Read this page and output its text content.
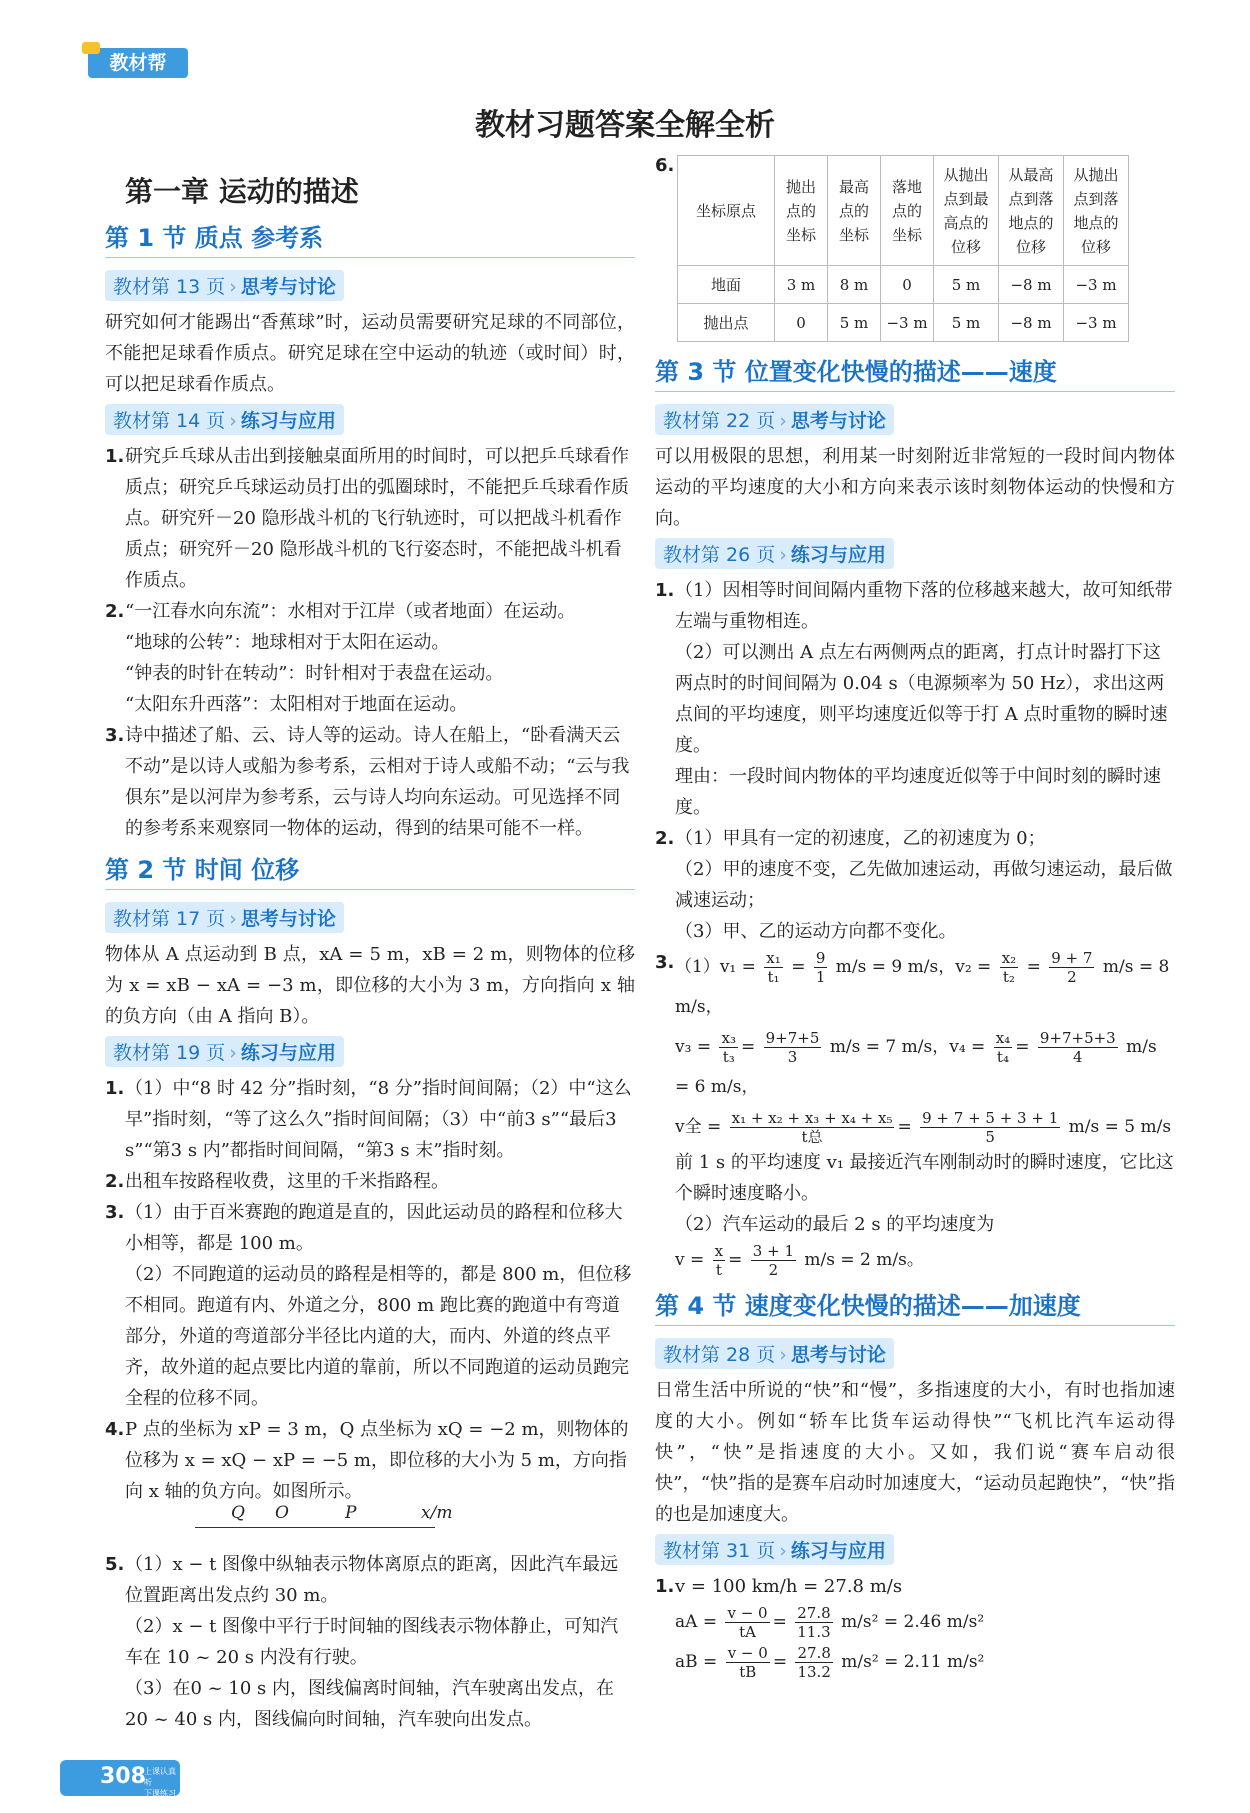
教材帮
教材习题答案全解全析
第一章 运动的描述
第 1 节 质点 参考系
教材第 13 页 › 思考与讨论

研究如何才能踢出“香蕉球”时，运动员需要研究足球的不同部位，不能把足球看作质点。研究足球在空中运动的轨迹（或时间）时，可以把足球看作质点。

教材第 14 页 › 练习与应用
1. 研究乒乓球从击出到接触桌面所用的时间时，可以把乒乓球看作质点；研究乒乓球运动员打出的弧圈球时，不能把乒乓球看作质点。研究歼－20 隐形战斗机的飞行轨迹时，可以把战斗机看作质点；研究歼－20 隐形战斗机的飞行姿态时，不能把战斗机看作质点。
2. “一江春水向东流”：水相对于江岸（或者地面）在运动。
“地球的公转”：地球相对于太阳在运动。
“钟表的时针在转动”：时针相对于表盘在运动。
“太阳东升西落”：太阳相对于地面在运动。
3. 诗中描述了船、云、诗人等的运动。诗人在船上，“卧看满天云不动”是以诗人或船为参考系，云相对于诗人或船不动；“云与我俱东”是以河岸为参考系，云与诗人均向东运动。可见选择不同的参考系来观察同一物体的运动，得到的结果可能不一样。
第 2 节 时间 位移
教材第 17 页 › 思考与讨论

物体从 A 点运动到 B 点，xA = 5 m，xB = 2 m，则物体的位移为 x = xB − xA = −3 m，即位移的大小为 3 m，方向指向 x 轴的负方向（由 A 指向 B）。

教材第 19 页 › 练习与应用
1. （1）中“8 时 42 分”指时刻，“8 分”指时间间隔；（2）中“这么早”指时刻，“等了这么久”指时间间隔；（3）中“前3 s”“最后3 s”“第3 s 内”都指时间间隔，“第3 s 末”指时刻。
2. 出租车按路程收费，这里的千米指路程。
3. （1）由于百米赛跑的跑道是直的，因此运动员的路程和位移大小相等，都是 100 m。
（2）不同跑道的运动员的路程是相等的，都是 800 m，但位移不相同。跑道有内、外道之分，800 m 跑比赛的跑道中有弯道部分，外道的弯道部分半径比内道的大，而内、外道的终点平齐，故外道的起点要比内道的靠前，所以不同跑道的运动员跑完全程的位移不同。
4. P 点的坐标为 xP = 3 m，Q 点坐标为 xQ = −2 m，则物体的位移为 x = xQ − xP = −5 m，即位移的大小为 5 m，方向指向 x 轴的负方向。如图所示。
Q O	P	x/m
5. （1）x − t 图像中纵轴表示物体离原点的距离，因此汽车最远位置距离出发点约 30 m。
（2）x − t 图像中平行于时间轴的图线表示物体静止，可知汽车在 10 ~ 20 s 内没有行驶。
（3）在0 ~ 10 s 内，图线偏离时间轴，汽车驶离出发点，在 20 ~ 40 s 内，图线偏向时间轴，汽车驶向出发点。
6.
坐标原点	抛出点的坐标	最高点的坐标	落地点的坐标	从抛出点到最高点的位移	从最高点到落地点的位移	从抛出点到落地点的位移
地面	3 m	8 m	0	5 m	−8 m	−3 m
抛出点	0	5 m	−3 m	5 m	−8 m	−3 m
第 3 节 位置变化快慢的描述——速度
教材第 22 页 › 思考与讨论

可以用极限的思想，利用某一时刻附近非常短的一段时间内物体运动的平均速度的大小和方向来表示该时刻物体运动的快慢和方向。

教材第 26 页 › 练习与应用
1. （1）因相等时间间隔内重物下落的位移越来越大，故可知纸带左端与重物相连。
（2）可以测出 A 点左右两侧两点的距离，打点计时器打下这两点时的时间间隔为 0.04 s（电源频率为 50 Hz），求出这两点间的平均速度，则平均速度近似等于打 A 点时重物的瞬时速度。
理由：一段时间内物体的平均速度近似等于中间时刻的瞬时速度。
2. （1）甲具有一定的初速度，乙的初速度为 0；
（2）甲的速度不变，乙先做加速运动，再做匀速运动，最后做减速运动；
（3）甲、乙的运动方向都不变化。
3. $(1)v_1 = \frac{\text{x₁}}{\text{t₁}} = \frac{9}{1} m/s = 9$ m/s，$v_2 = \frac{\text{x₂}}{\text{t₂}} = \frac{9 + 7}{2} m/s = 8$ m/s，
$v_3 = \frac{\text{x₃}}{\text{t₃}} = \frac{9+7+5}{3} m/s = 7$ m/s，$v_4 = \frac{\text{x₄}}{\text{t₄}} = \frac{9+7+5+3}{4} m/s = 6$ m/s，
v全 = $\frac{\text{x₁ + x₂ + x₃ + x₄ + x₅}}{\text{t总}} = \frac{9 + 7 + 5 + 3 + 1}{5} m/s = 5$ m/s
前 1 s 的平均速度 v₁ 最接近汽车刚制动时的瞬时速度，它比这个瞬时速度略小。
（2）汽车运动的最后 2 s 的平均速度为
$v = \frac{x}{t} = \frac{3 + 1}{2} m/s = 2$ m/s。
第 4 节 速度变化快慢的描述——加速度
教材第 28 页 › 思考与讨论

日常生活中所说的“快”和“慢”，多指速度的大小，有时也指加速度的大小。例如“轿车比货车运动得快”“飞机比汽车运动得快”，“快”是指速度的大小。又如，我们说“赛车启动很快”，“快”指的是赛车启动时加速度大，“运动员起跑快”，“快”指的也是加速度大。

教材第 31 页 › 练习与应用
1. v = 100 km/h = 27.8 m/s
aA = $\frac{v - 0}{tA} = \frac{27.8}{11.3} m/s^2 = 2.46$ m/s²
aB = $\frac{v - 0}{tB} = \frac{27.8}{13.2} m/s^2 = 2.11$ m/s²
308
上课认真听
下课练习册
